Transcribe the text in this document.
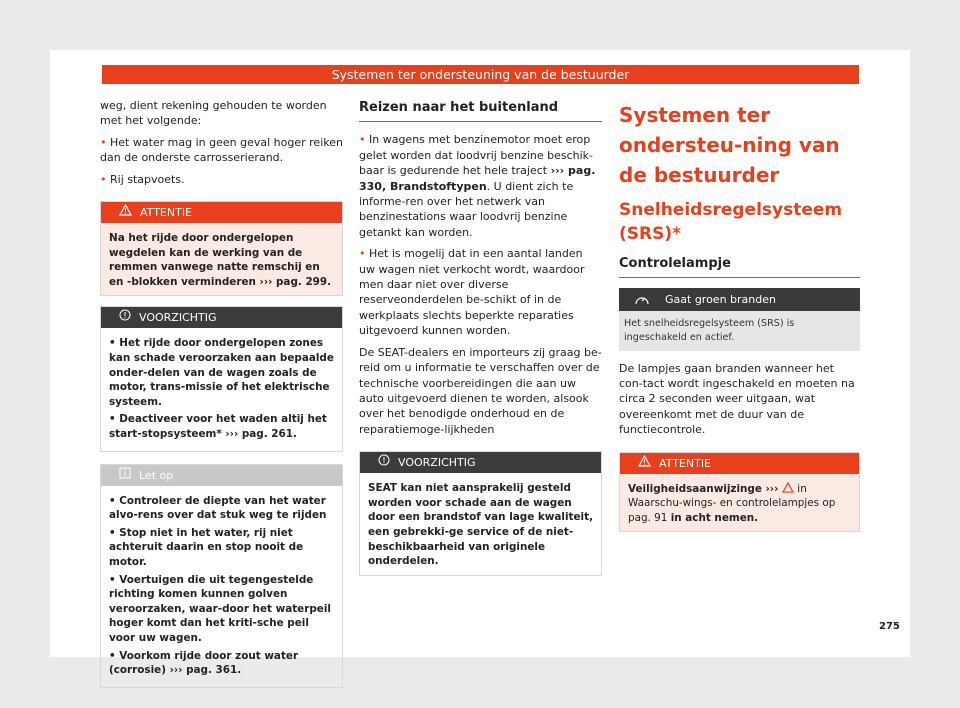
Systemen ter ondersteuning van de bestuurder

weg, dient rekening gehouden te worden met het volgende:

• Het water mag in geen geval hoger reiken dan de onderste carrosserierand.
• Rij stapvoets.
ATTENTIE
Na het rijde door ondergelopen wegdelen kan de werking van de remmen vanwege natte remschij en en -blokken verminderen ››› pag. 299.
VOORZICHTIG
• Het rijde door ondergelopen zones kan schade veroorzaken aan bepaalde onder-delen van de wagen zoals de motor, trans-missie of het elektrische systeem.
• Deactiveer voor het waden altij het start-stopsysteem* ››› pag. 261.
Let op
• Controleer de diepte van het water alvo-rens over dat stuk weg te rijden
• Stop niet in het water, rij niet achteruit daarin en stop nooit de motor.
• Voertuigen die uit tegengestelde richting komen kunnen golven veroorzaken, waar-door het waterpeil hoger komt dan het kriti-sche peil voor uw wagen.
• Voorkom rijde door zout water (corrosie) ››› pag. 361.
Reizen naar het buitenland
• In wagens met benzinemotor moet erop gelet worden dat loodvrij benzine beschik-baar is gedurende het hele traject ››› pag. 330, Brandstoftypen. U dient zich te informe-ren over het netwerk van benzinestations waar loodvrij benzine getankt kan worden.
• Het is mogelij dat in een aantal landen uw wagen niet verkocht wordt, waardoor men daar niet over diverse reserveonderdelen be-schikt of in de werkplaats slechts beperkte reparaties uitgevoerd kunnen worden.

De SEAT-dealers en importeurs zij graag be-reid om u informatie te verschaffen over de technische voorbereidingen die aan uw auto uitgevoerd dienen te worden, alsook over het benodigde onderhoud en de reparatiemoge-lijkheden

VOORZICHTIG
SEAT kan niet aansprakelij gesteld worden voor schade aan de wagen door een brandstof van lage kwaliteit, een gebrekki-ge service of de niet-beschikbaarheid van originele onderdelen.
Systemen ter ondersteu-ning van de bestuurder
Snelheidsregelsysteem (SRS)*
Controlelampje
Gaat groen branden
Het snelheidsregelsysteem (SRS) is ingeschakeld en actief.

De lampjes gaan branden wanneer het con-tact wordt ingeschakeld en moeten na circa 2 seconden weer uitgaan, wat overeenkomt met de duur van de functiecontrole.

ATTENTIE
Veiligheidsaanwijzinge ›››  in Waarschu-wings- en controlelampjes op pag. 91 in acht nemen.
275
